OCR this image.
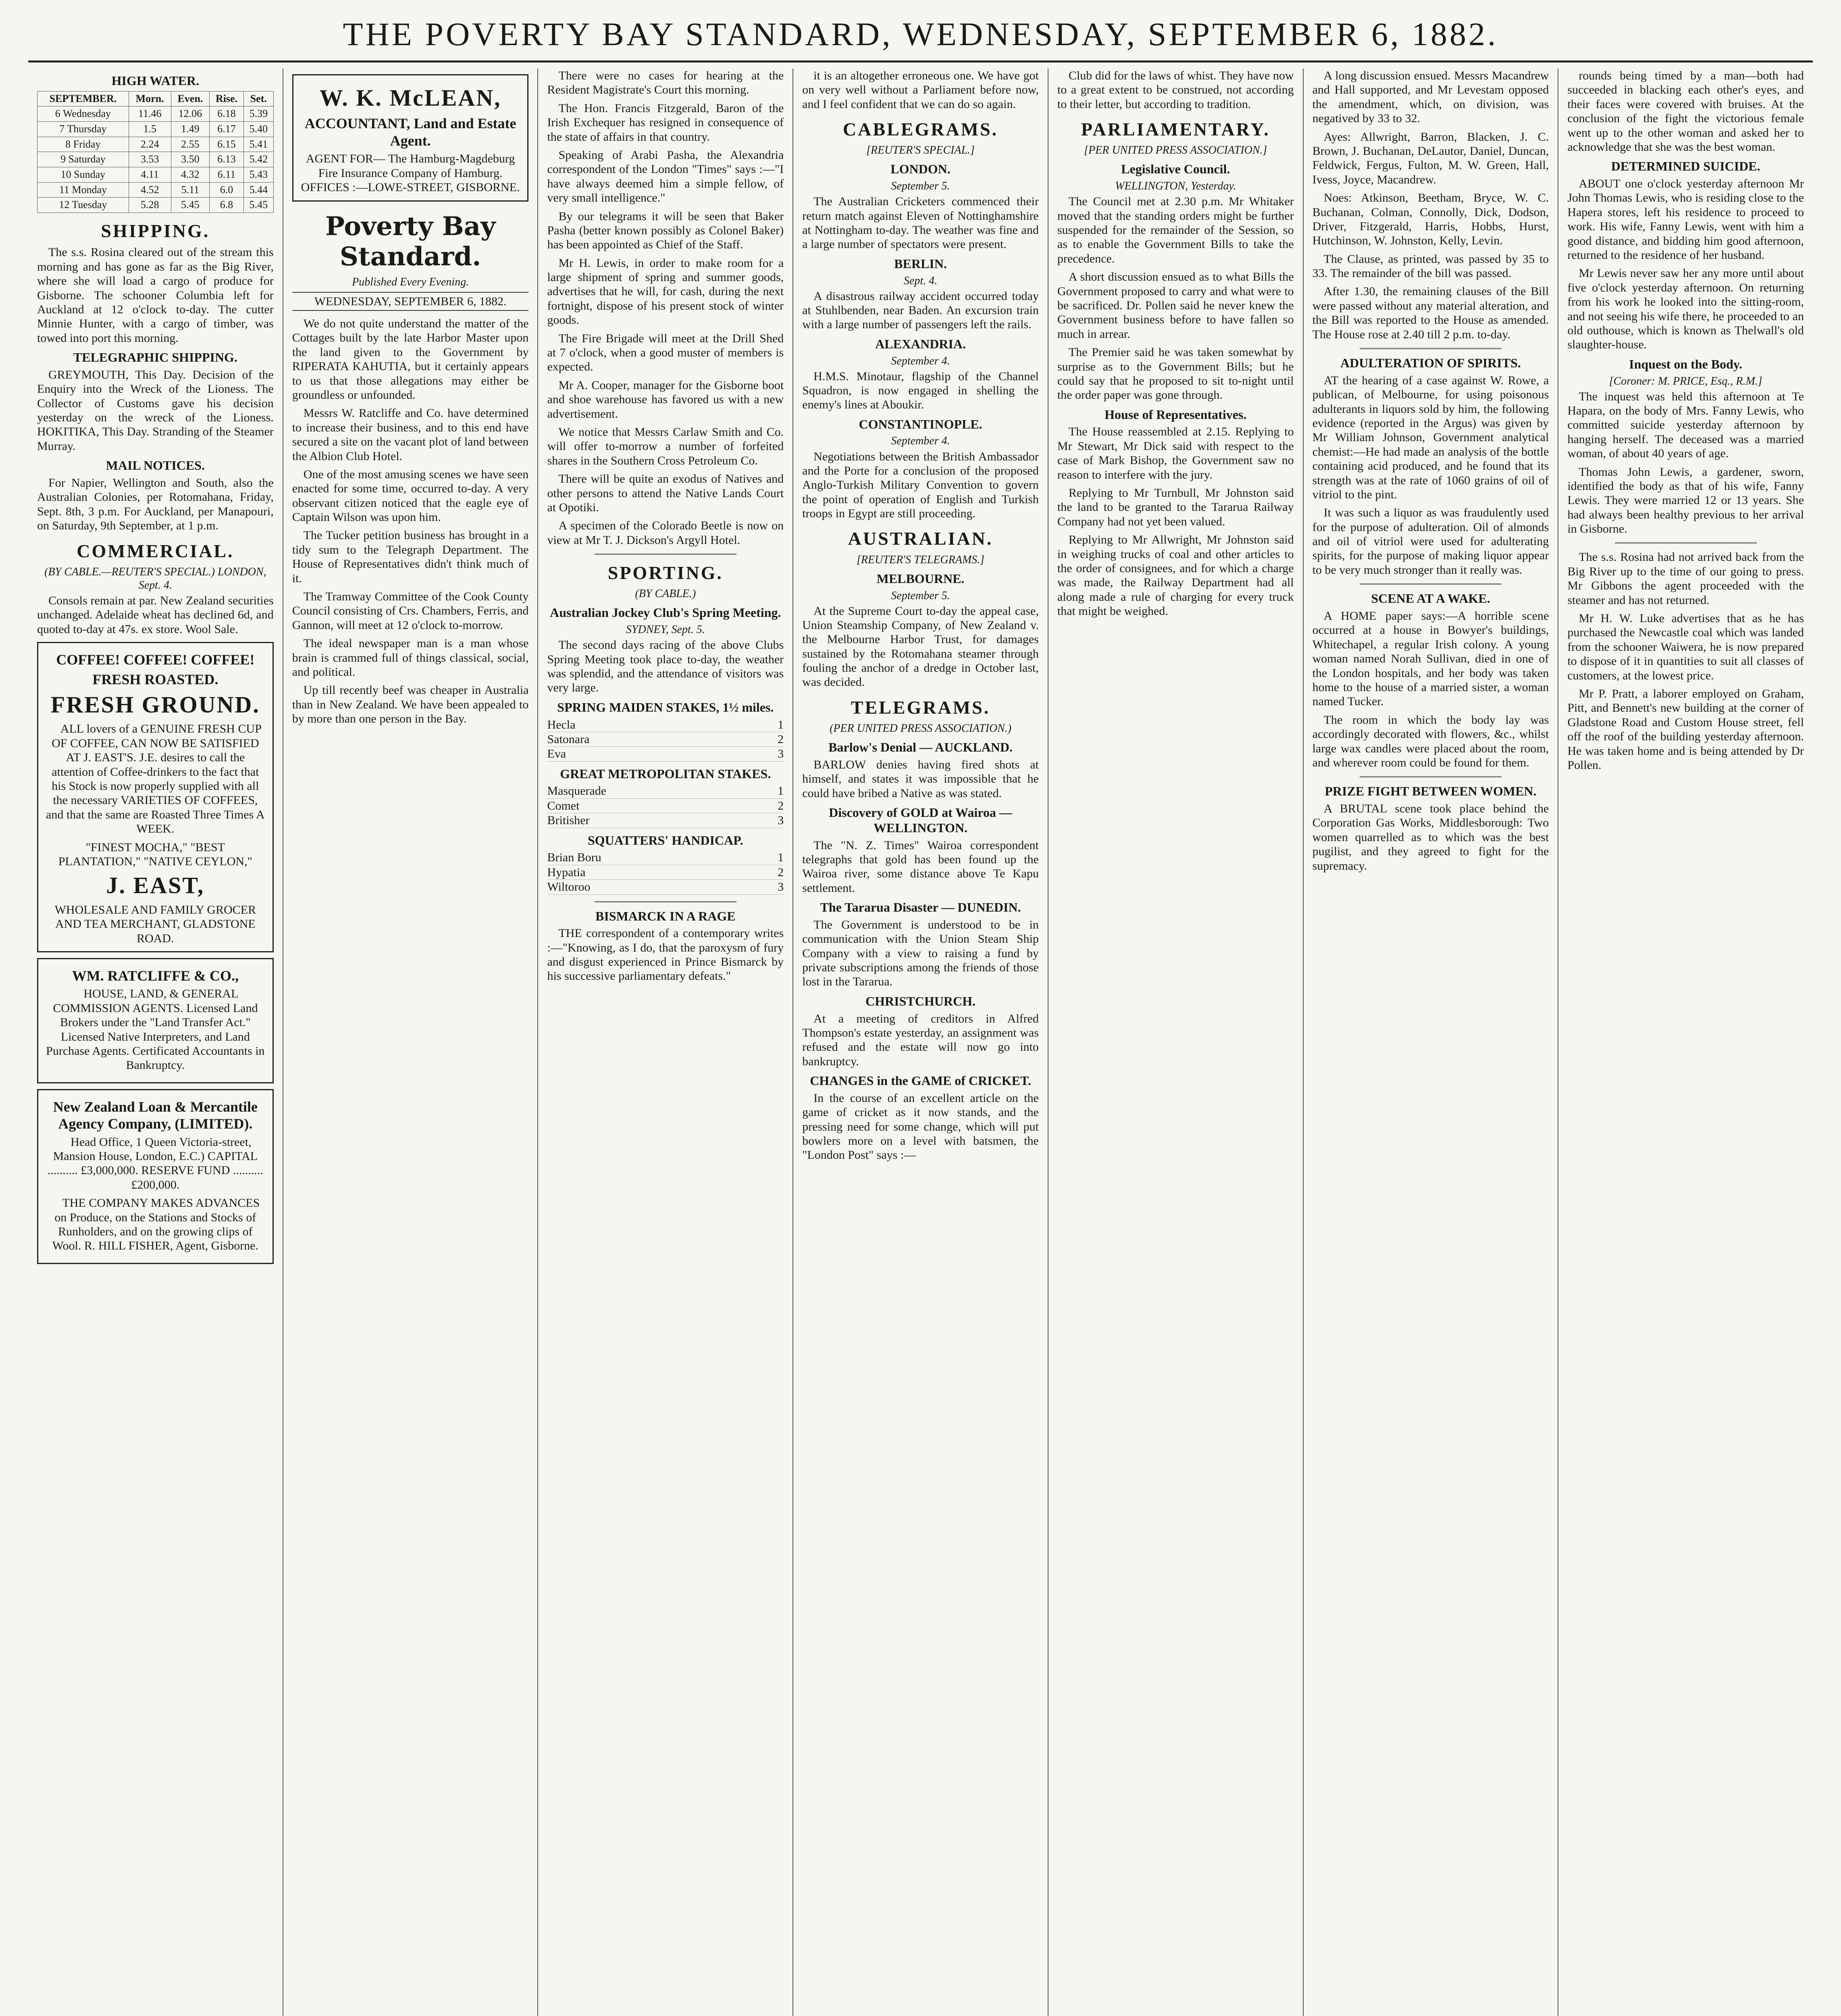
THE POVERTY BAY STANDARD, WEDNESDAY, SEPTEMBER 6, 1882.
HIGH WATER.
SEPTEMBER.	Morn.	Even.	Rise.	Set.
6 Wednesday	11.46	12.06	6.18	5.39
7 Thursday	1.5	1.49	6.17	5.40
8 Friday	2.24	2.55	6.15	5.41
9 Saturday	3.53	3.50	6.13	5.42
10 Sunday	4.11	4.32	6.11	5.43
11 Monday	4.52	5.11	6.0	5.44
12 Tuesday	5.28	5.45	6.8	5.45
SHIPPING.

The s.s. Rosina cleared out of the stream this morning and has gone as far as the Big River, where she will load a cargo of produce for Gisborne. The schooner Columbia left for Auckland at 12 o'clock to-day. The cutter Minnie Hunter, with a cargo of timber, was towed into port this morning.

TELEGRAPHIC SHIPPING.

GREYMOUTH, This Day. Decision of the Enquiry into the Wreck of the Lioness. The Collector of Customs gave his decision yesterday on the wreck of the Lioness. HOKITIKA, This Day. Stranding of the Steamer Murray.

MAIL NOTICES.

For Napier, Wellington and South, also the Australian Colonies, per Rotomahana, Friday, Sept. 8th, 3 p.m. For Auckland, per Manapouri, on Saturday, 9th September, at 1 p.m.

COMMERCIAL.
(BY CABLE.—REUTER'S SPECIAL.) LONDON, Sept. 4.

Consols remain at par. New Zealand securities unchanged. Adelaide wheat has declined 6d, and quoted to-day at 47s. ex store. Wool Sale.

COFFEE! COFFEE! COFFEE!
FRESH ROASTED.
FRESH GROUND.

ALL lovers of a GENUINE FRESH CUP OF COFFEE, CAN NOW BE SATISFIED AT J. EAST'S. J.E. desires to call the attention of Coffee-drinkers to the fact that his Stock is now properly supplied with all the necessary VARIETIES OF COFFEES, and that the same are Roasted Three Times A WEEK.

"FINEST MOCHA," "BEST PLANTATION," "NATIVE CEYLON,"
J. EAST,
WHOLESALE AND FAMILY GROCER AND TEA MERCHANT, GLADSTONE ROAD.
WM. RATCLIFFE & CO.,

HOUSE, LAND, & GENERAL COMMISSION AGENTS. Licensed Land Brokers under the "Land Transfer Act." Licensed Native Interpreters, and Land Purchase Agents. Certificated Accountants in Bankruptcy.

New Zealand Loan & Mercantile Agency Company, (LIMITED).

Head Office, 1 Queen Victoria-street, Mansion House, London, E.C.) CAPITAL .......... £3,000,000. RESERVE FUND .......... £200,000.

THE COMPANY MAKES ADVANCES on Produce, on the Stations and Stocks of Runholders, and on the growing clips of Wool. R. HILL FISHER, Agent, Gisborne.

W. K. McLEAN,
ACCOUNTANT, Land and Estate Agent.
AGENT FOR— The Hamburg-Magdeburg Fire Insurance Company of Hamburg. OFFICES :—LOWE-STREET, GISBORNE.
Poverty Bay Standard.
Published Every Evening.
WEDNESDAY, SEPTEMBER 6, 1882.

We do not quite understand the matter of the Cottages built by the late Harbor Master upon the land given to the Government by RIPERATA KAHUTIA, but it certainly appears to us that those allegations may either be groundless or unfounded.

Messrs W. Ratcliffe and Co. have determined to increase their business, and to this end have secured a site on the vacant plot of land between the Albion Club Hotel.

One of the most amusing scenes we have seen enacted for some time, occurred to-day. A very observant citizen noticed that the eagle eye of Captain Wilson was upon him.

The Tucker petition business has brought in a tidy sum to the Telegraph Department. The House of Representatives didn't think much of it.

The Tramway Committee of the Cook County Council consisting of Crs. Chambers, Ferris, and Gannon, will meet at 12 o'clock to-morrow.

The ideal newspaper man is a man whose brain is crammed full of things classical, social, and political.

Up till recently beef was cheaper in Australia than in New Zealand. We have been appealed to by more than one person in the Bay.

There were no cases for hearing at the Resident Magistrate's Court this morning.

The Hon. Francis Fitzgerald, Baron of the Irish Exchequer has resigned in consequence of the state of affairs in that country.

Speaking of Arabi Pasha, the Alexandria correspondent of the London "Times" says :—"I have always deemed him a simple fellow, of very small intelligence."

By our telegrams it will be seen that Baker Pasha (better known possibly as Colonel Baker) has been appointed as Chief of the Staff.

Mr H. Lewis, in order to make room for a large shipment of spring and summer goods, advertises that he will, for cash, during the next fortnight, dispose of his present stock of winter goods.

The Fire Brigade will meet at the Drill Shed at 7 o'clock, when a good muster of members is expected.

Mr A. Cooper, manager for the Gisborne boot and shoe warehouse has favored us with a new advertisement.

We notice that Messrs Carlaw Smith and Co. will offer to-morrow a number of forfeited shares in the Southern Cross Petroleum Co.

There will be quite an exodus of Natives and other persons to attend the Native Lands Court at Opotiki.

A specimen of the Colorado Beetle is now on view at Mr T. J. Dickson's Argyll Hotel.

SPORTING.
(BY CABLE.)
Australian Jockey Club's Spring Meeting.
SYDNEY, Sept. 5.

The second days racing of the above Clubs Spring Meeting took place to-day, the weather was splendid, and the attendance of visitors was very large.

SPRING MAIDEN STAKES, 1½ miles.
Hecla	1
Satonara	2
Eva	3
GREAT METROPOLITAN STAKES.
Masquerade	1
Comet	2
Britisher	3
SQUATTERS' HANDICAP.
Brian Boru	1
Hypatia	2
Wiltoroo	3
BISMARCK IN A RAGE

THE correspondent of a contemporary writes :—"Knowing, as I do, that the paroxysm of fury and disgust experienced in Prince Bismarck by his successive parliamentary defeats."

it is an altogether erroneous one. We have got on very well without a Parliament before now, and I feel confident that we can do so again.

CABLEGRAMS.
[REUTER'S SPECIAL.]
LONDON.
September 5.

The Australian Cricketers commenced their return match against Eleven of Nottinghamshire at Nottingham to-day. The weather was fine and a large number of spectators were present.

BERLIN.
Sept. 4.

A disastrous railway accident occurred today at Stuhlbenden, near Baden. An excursion train with a large number of passengers left the rails.

ALEXANDRIA.
September 4.

H.M.S. Minotaur, flagship of the Channel Squadron, is now engaged in shelling the enemy's lines at Aboukir.

CONSTANTINOPLE.
September 4.

Negotiations between the British Ambassador and the Porte for a conclusion of the proposed Anglo-Turkish Military Convention to govern the point of operation of English and Turkish troops in Egypt are still proceeding.

AUSTRALIAN.
[REUTER'S TELEGRAMS.]
MELBOURNE.
September 5.

At the Supreme Court to-day the appeal case, Union Steamship Company, of New Zealand v. the Melbourne Harbor Trust, for damages sustained by the Rotomahana steamer through fouling the anchor of a dredge in October last, was decided.

TELEGRAMS.
(PER UNITED PRESS ASSOCIATION.)
Barlow's Denial — AUCKLAND.

BARLOW denies having fired shots at himself, and states it was impossible that he could have bribed a Native as was stated.

Discovery of GOLD at Wairoa — WELLINGTON.

The "N. Z. Times" Wairoa correspondent telegraphs that gold has been found up the Wairoa river, some distance above Te Kapu settlement.

The Tararua Disaster — DUNEDIN.

The Government is understood to be in communication with the Union Steam Ship Company with a view to raising a fund by private subscriptions among the friends of those lost in the Tararua.

CHRISTCHURCH.

At a meeting of creditors in Alfred Thompson's estate yesterday, an assignment was refused and the estate will now go into bankruptcy.

CHANGES in the GAME of CRICKET.

In the course of an excellent article on the game of cricket as it now stands, and the pressing need for some change, which will put bowlers more on a level with batsmen, the "London Post" says :—

Club did for the laws of whist. They have now to a great extent to be construed, not according to their letter, but according to tradition.

PARLIAMENTARY.
[PER UNITED PRESS ASSOCIATION.]
Legislative Council.
WELLINGTON, Yesterday.

The Council met at 2.30 p.m. Mr Whitaker moved that the standing orders might be further suspended for the remainder of the Session, so as to enable the Government Bills to take the precedence.

A short discussion ensued as to what Bills the Government proposed to carry and what were to be sacrificed. Dr. Pollen said he never knew the Government business before to have fallen so much in arrear.

The Premier said he was taken somewhat by surprise as to the Government Bills; but he could say that he proposed to sit to-night until the order paper was gone through.

House of Representatives.

The House reassembled at 2.15. Replying to Mr Stewart, Mr Dick said with respect to the case of Mark Bishop, the Government saw no reason to interfere with the jury.

Replying to Mr Turnbull, Mr Johnston said the land to be granted to the Tararua Railway Company had not yet been valued.

Replying to Mr Allwright, Mr Johnston said in weighing trucks of coal and other articles to the order of consignees, and for which a charge was made, the Railway Department had all along made a rule of charging for every truck that might be weighed.

A long discussion ensued. Messrs Macandrew and Hall supported, and Mr Levestam opposed the amendment, which, on division, was negatived by 33 to 32.

Ayes: Allwright, Barron, Blacken, J. C. Brown, J. Buchanan, DeLautor, Daniel, Duncan, Feldwick, Fergus, Fulton, M. W. Green, Hall, Ivess, Joyce, Macandrew.

Noes: Atkinson, Beetham, Bryce, W. C. Buchanan, Colman, Connolly, Dick, Dodson, Driver, Fitzgerald, Harris, Hobbs, Hurst, Hutchinson, W. Johnston, Kelly, Levin.

The Clause, as printed, was passed by 35 to 33. The remainder of the bill was passed.

After 1.30, the remaining clauses of the Bill were passed without any material alteration, and the Bill was reported to the House as amended. The House rose at 2.40 till 2 p.m. to-day.

ADULTERATION OF SPIRITS.

AT the hearing of a case against W. Rowe, a publican, of Melbourne, for using poisonous adulterants in liquors sold by him, the following evidence (reported in the Argus) was given by Mr William Johnson, Government analytical chemist:—He had made an analysis of the bottle containing acid produced, and he found that its strength was at the rate of 1060 grains of oil of vitriol to the pint.

It was such a liquor as was fraudulently used for the purpose of adulteration. Oil of almonds and oil of vitriol were used for adulterating spirits, for the purpose of making liquor appear to be very much stronger than it really was.

SCENE AT A WAKE.

A HOME paper says:—A horrible scene occurred at a house in Bowyer's buildings, Whitechapel, a regular Irish colony. A young woman named Norah Sullivan, died in one of the London hospitals, and her body was taken home to the house of a married sister, a woman named Tucker.

The room in which the body lay was accordingly decorated with flowers, &c., whilst large wax candles were placed about the room, and wherever room could be found for them.

PRIZE FIGHT BETWEEN WOMEN.

A BRUTAL scene took place behind the Corporation Gas Works, Middlesborough: Two women quarrelled as to which was the best pugilist, and they agreed to fight for the supremacy.

rounds being timed by a man—both had succeeded in blacking each other's eyes, and their faces were covered with bruises. At the conclusion of the fight the victorious female went up to the other woman and asked her to acknowledge that she was the best woman.

DETERMINED SUICIDE.

ABOUT one o'clock yesterday afternoon Mr John Thomas Lewis, who is residing close to the Hapera stores, left his residence to proceed to work. His wife, Fanny Lewis, went with him a good distance, and bidding him good afternoon, returned to the residence of her husband.

Mr Lewis never saw her any more until about five o'clock yesterday afternoon. On returning from his work he looked into the sitting-room, and not seeing his wife there, he proceeded to an old outhouse, which is known as Thelwall's old slaughter-house.

Inquest on the Body.
[Coroner: M. PRICE, Esq., R.M.]

The inquest was held this afternoon at Te Hapara, on the body of Mrs. Fanny Lewis, who committed suicide yesterday afternoon by hanging herself. The deceased was a married woman, of about 40 years of age.

Thomas John Lewis, a gardener, sworn, identified the body as that of his wife, Fanny Lewis. They were married 12 or 13 years. She had always been healthy previous to her arrival in Gisborne.

The s.s. Rosina had not arrived back from the Big River up to the time of our going to press. Mr Gibbons the agent proceeded with the steamer and has not returned.

Mr H. W. Luke advertises that as he has purchased the Newcastle coal which was landed from the schooner Waiwera, he is now prepared to dispose of it in quantities to suit all classes of customers, at the lowest price.

Mr P. Pratt, a laborer employed on Graham, Pitt, and Bennett's new building at the corner of Gladstone Road and Custom House street, fell off the roof of the building yesterday afternoon. He was taken home and is being attended by Dr Pollen.
